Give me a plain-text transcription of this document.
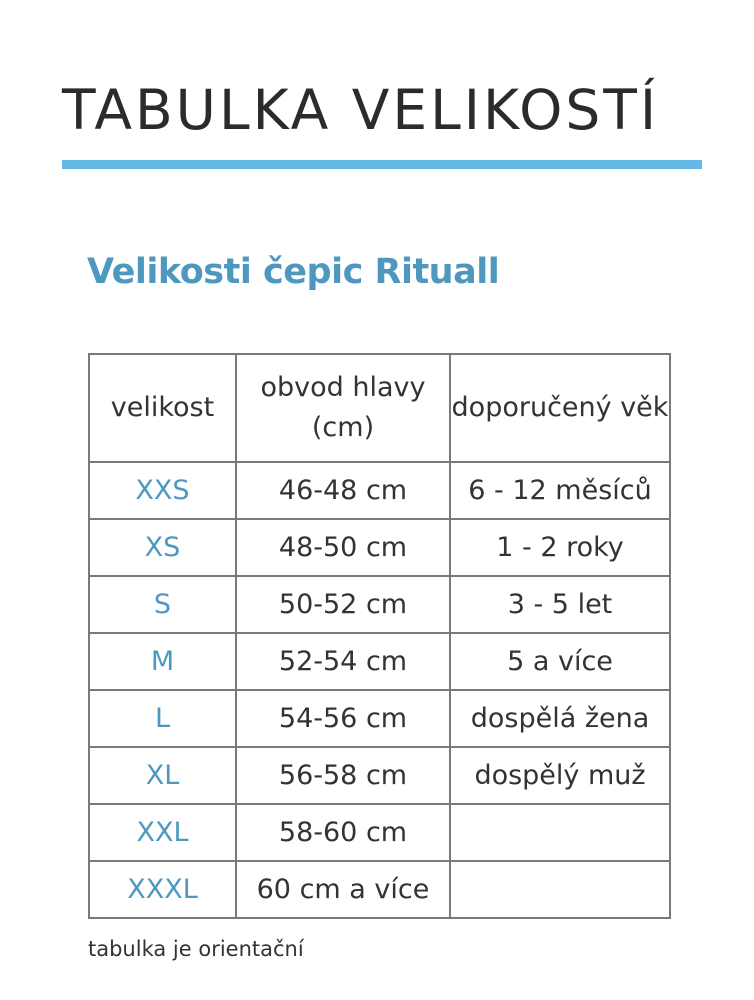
TABULKA VELIKOSTÍ
Velikosti čepic Rituall
velikost	obvod hlavy (cm)	doporučený věk
XXS	46-48 cm	6 - 12 měsíců
XS	48-50 cm	1 - 2 roky
S	50-52 cm	3 - 5 let
M	52-54 cm	5 a více
L	54-56 cm	dospělá žena
XL	56-58 cm	dospělý muž
XXL	58-60 cm	
XXXL	60 cm a více	
tabulka je orientační
